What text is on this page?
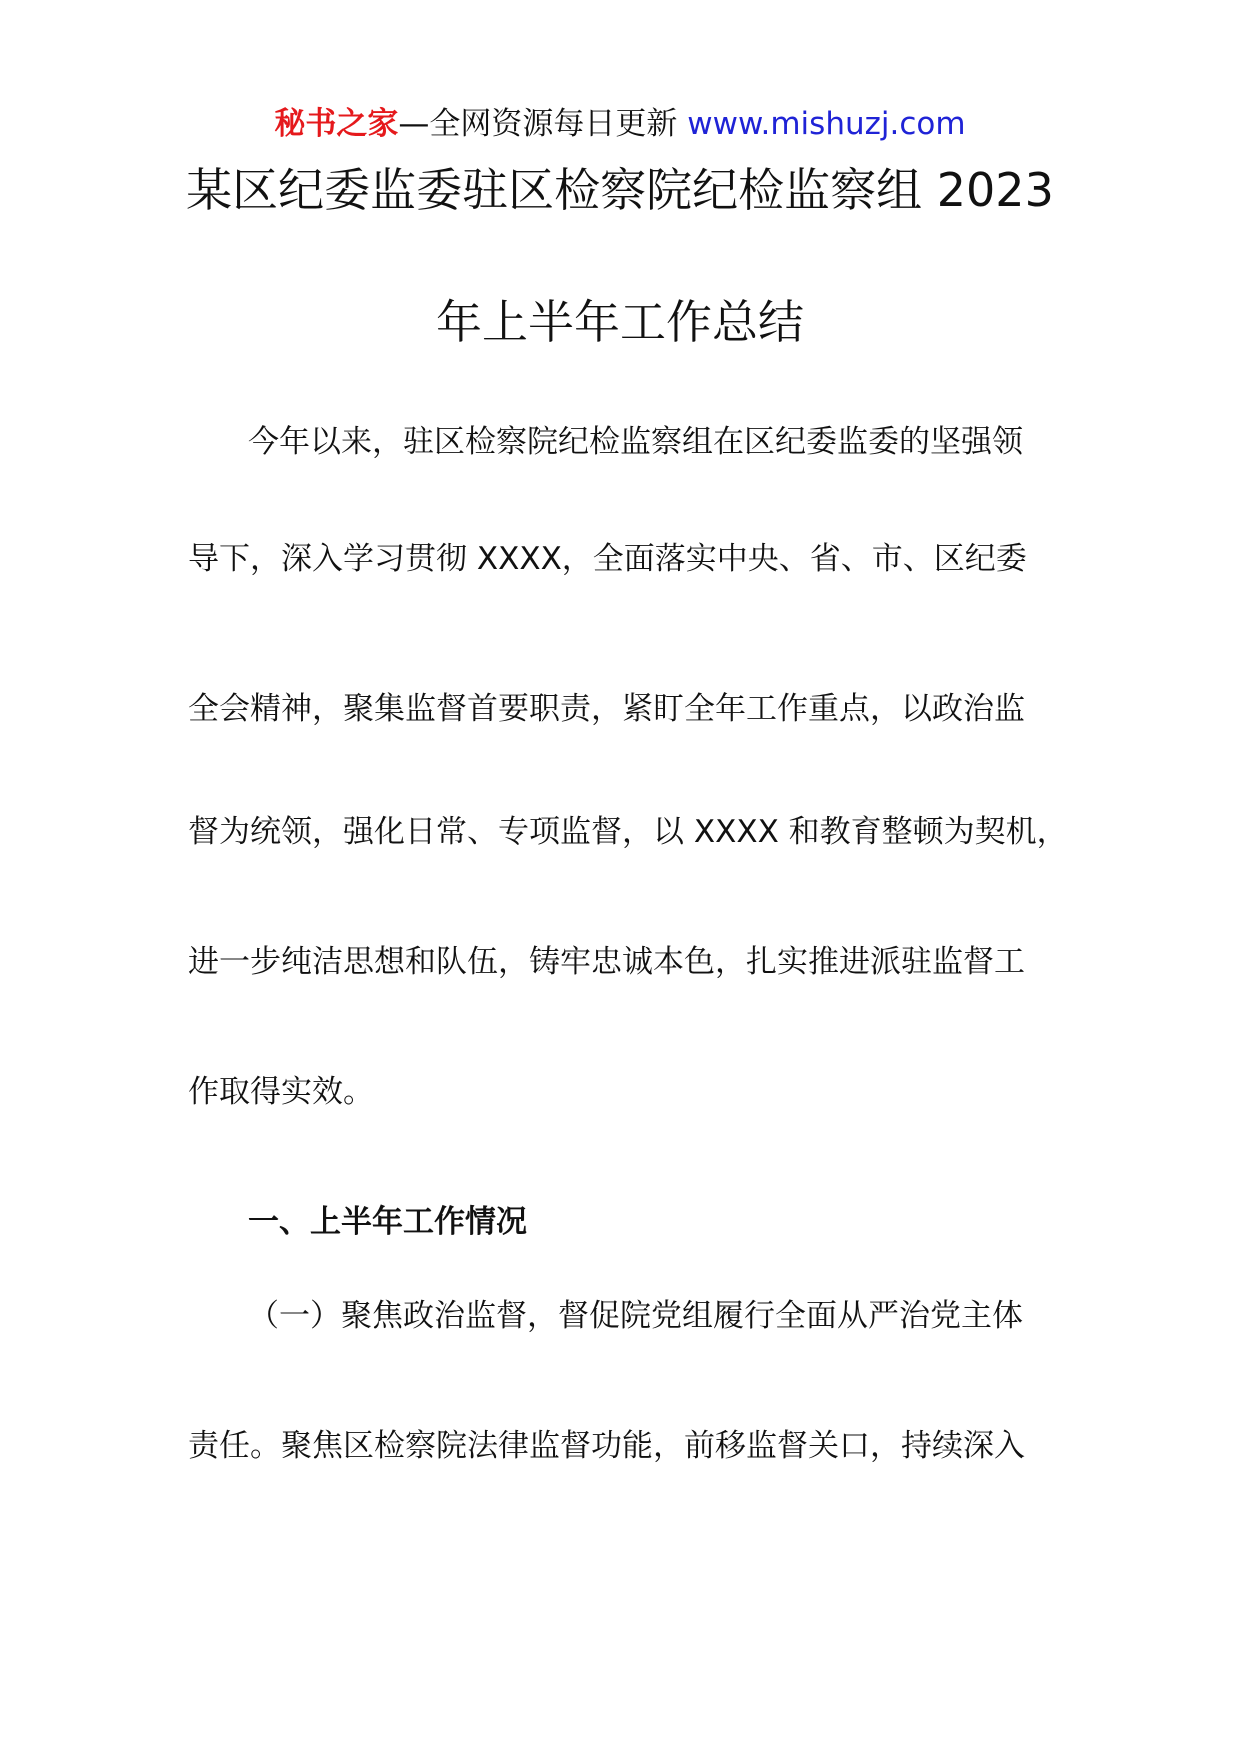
秘书之家—全网资源每日更新 www.mishuzj.com
某区纪委监委驻区检察院纪检监察组 2023
年上半年工作总结
今年以来，驻区检察院纪检监察组在区纪委监委的坚强领
导下，深入学习贯彻 XXXX，全面落实中央、省、市、区纪委
全会精神，聚集监督首要职责，紧盯全年工作重点，以政治监
督为统领，强化日常、专项监督，以 XXXX 和教育整顿为契机，
进一步纯洁思想和队伍，铸牢忠诚本色，扎实推进派驻监督工
作取得实效。
一、上半年工作情况
（一）聚焦政治监督，督促院党组履行全面从严治党主体
责任。聚焦区检察院法律监督功能，前移监督关口，持续深入
